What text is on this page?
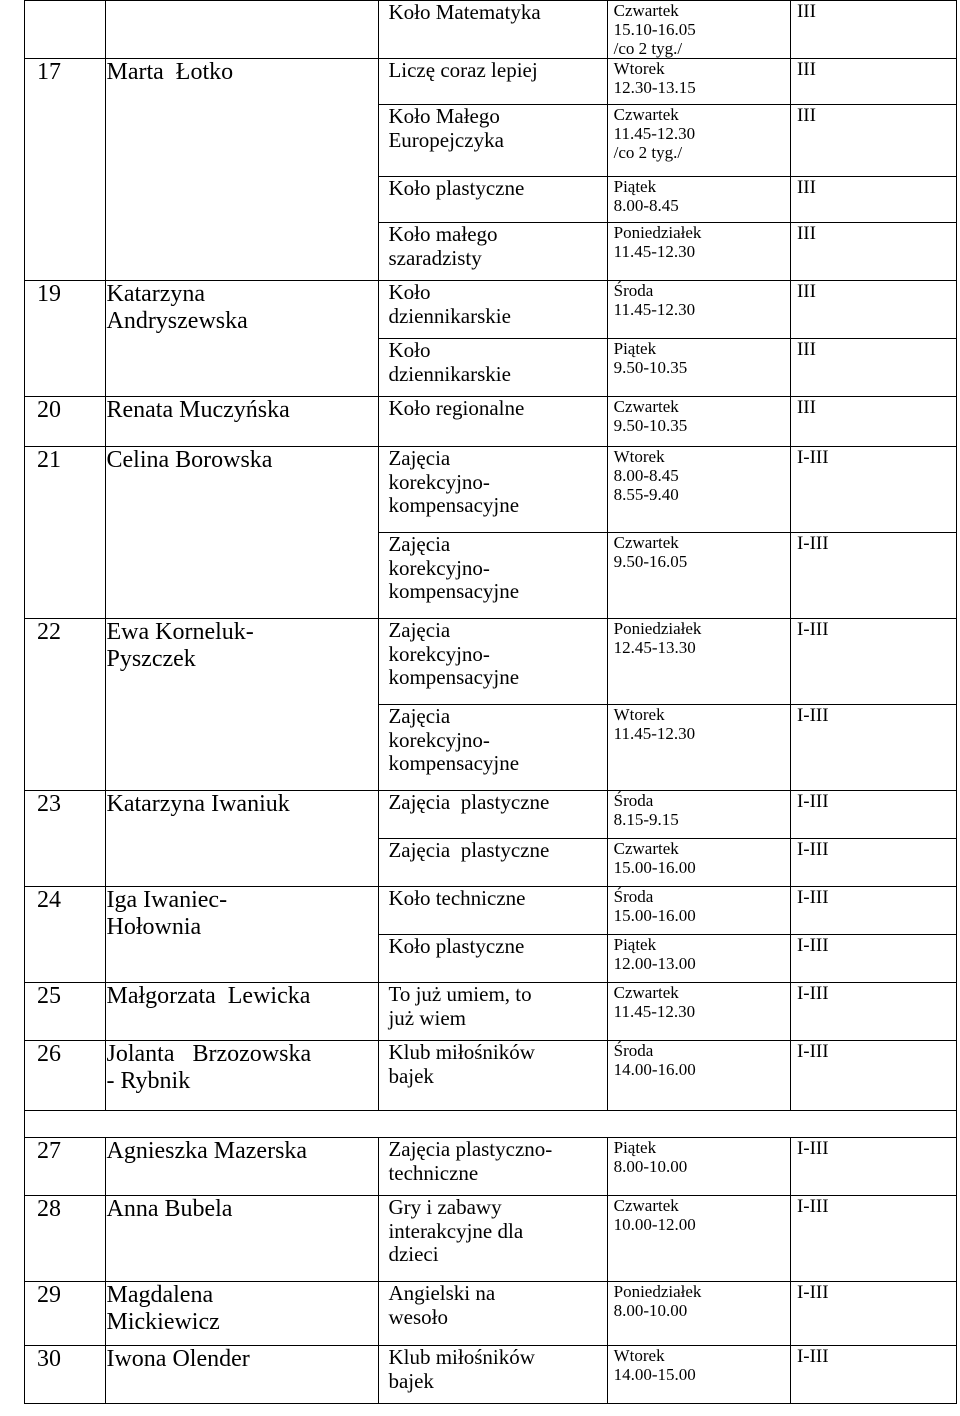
		Koło Matematyka	Czwartek
15.10-16.05
/co 2 tyg./	III

17	Marta  Łotko	Liczę coraz lepiej	Wtorek
12.30-13.15	III

		Koło Małego
Europejczyka	Czwartek
11.45-12.30
/co 2 tyg./	III

		Koło plastyczne	Piątek
8.00-8.45	III

		Koło małego
szaradzisty	Poniedziałek
11.45-12.30	III

19	Katarzyna
Andryszewska	Koło
dziennikarskie	Środa
11.45-12.30	III

		Koło
dziennikarskie	Piątek
9.50-10.35	III

20	Renata Muczyńska	Koło regionalne	Czwartek
9.50-10.35	III

21	Celina Borowska	Zajęcia
korekcyjno-
kompensacyjne	Wtorek
8.00-8.45
8.55-9.40	I-III

		Zajęcia
korekcyjno-
kompensacyjne	Czwartek
9.50-16.05	I-III

22	Ewa Korneluk-
Pyszczek	Zajęcia
korekcyjno-
kompensacyjne	Poniedziałek
12.45-13.30	I-III

		Zajęcia
korekcyjno-
kompensacyjne	Wtorek
11.45-12.30	I-III

23	Katarzyna Iwaniuk	Zajęcia  plastyczne	Środa
8.15-9.15	I-III

		Zajęcia  plastyczne	Czwartek
15.00-16.00	I-III

24	Iga Iwaniec-
Hołownia	Koło techniczne	Środa
15.00-16.00	I-III

		Koło plastyczne	Piątek
12.00-13.00	I-III

25	Małgorzata  Lewicka	To już umiem, to
już wiem	Czwartek
11.45-12.30	I-III

26	Jolanta   Brzozowska
- Rybnik	Klub miłośników
bajek	Środa
14.00-16.00	I-III

27	Agnieszka Mazerska	Zajęcia plastyczno-
techniczne	Piątek
8.00-10.00	I-III

28	Anna Bubela	Gry i zabawy
interakcyjne dla
dzieci	Czwartek
10.00-12.00	I-III

29	Magdalena
Mickiewicz	Angielski na
wesoło	Poniedziałek
8.00-10.00	I-III

30	Iwona Olender	Klub miłośników
bajek	Wtorek
14.00-15.00	I-III
